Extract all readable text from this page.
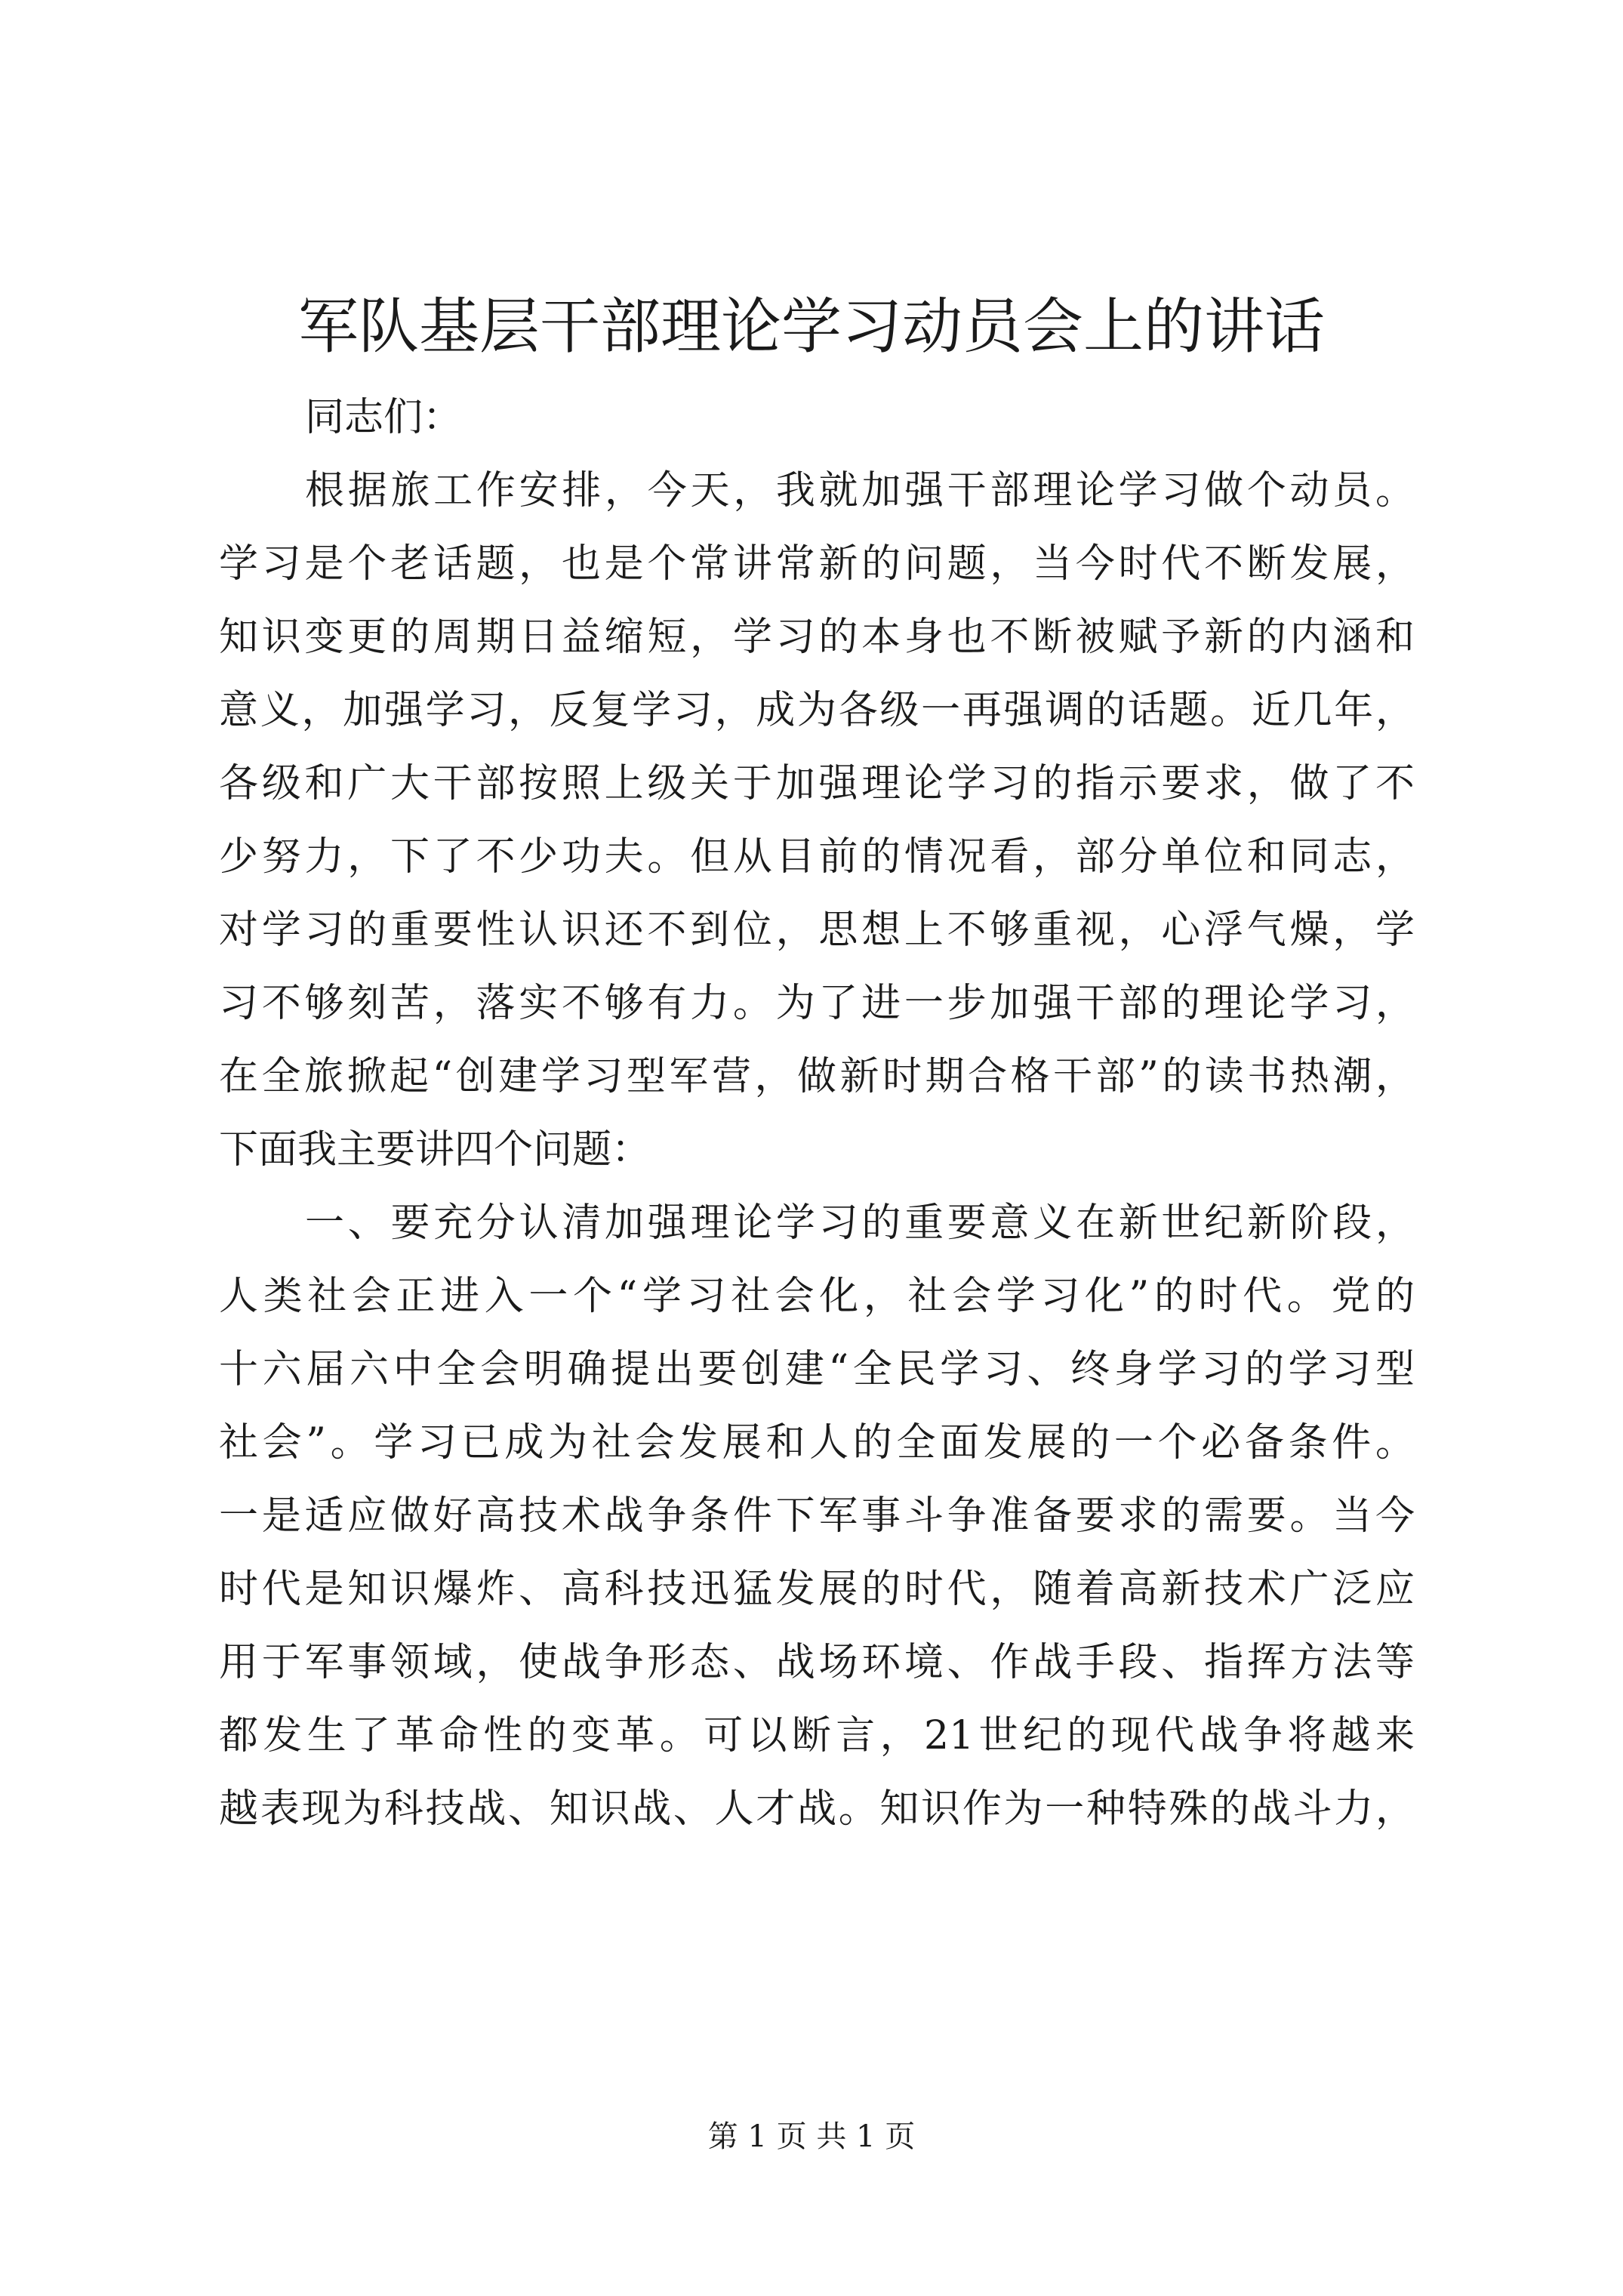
军队基层干部理论学习动员会上的讲话
同志们：
根据旅工作安排，今天，我就加强干部理论学习做个动员。
学习是个老话题，也是个常讲常新的问题，当今时代不断发展，
知识变更的周期日益缩短，学习的本身也不断被赋予新的内涵和
意义，加强学习，反复学习，成为各级一再强调的话题。近几年，
各级和广大干部按照上级关于加强理论学习的指示要求，做了不
少努力，下了不少功夫。但从目前的情况看，部分单位和同志，
对学习的重要性认识还不到位，思想上不够重视，心浮气燥，学
习不够刻苦，落实不够有力。为了进一步加强干部的理论学习，
在全旅掀起“创建学习型军营，做新时期合格干部”的读书热潮，
下面我主要讲四个问题：
一、要充分认清加强理论学习的重要意义在新世纪新阶段，
人类社会正进入一个“学习社会化，社会学习化”的时代。党的
十六届六中全会明确提出要创建“全民学习、终身学习的学习型
社会”。学习已成为社会发展和人的全面发展的一个必备条件。
一是适应做好高技术战争条件下军事斗争准备要求的需要。当今
时代是知识爆炸、高科技迅猛发展的时代，随着高新技术广泛应
用于军事领域，使战争形态、战场环境、作战手段、指挥方法等
都发生了革命性的变革。可以断言，21世纪的现代战争将越来
越表现为科技战、知识战、人才战。知识作为一种特殊的战斗力，
第 1 页 共 1 页
